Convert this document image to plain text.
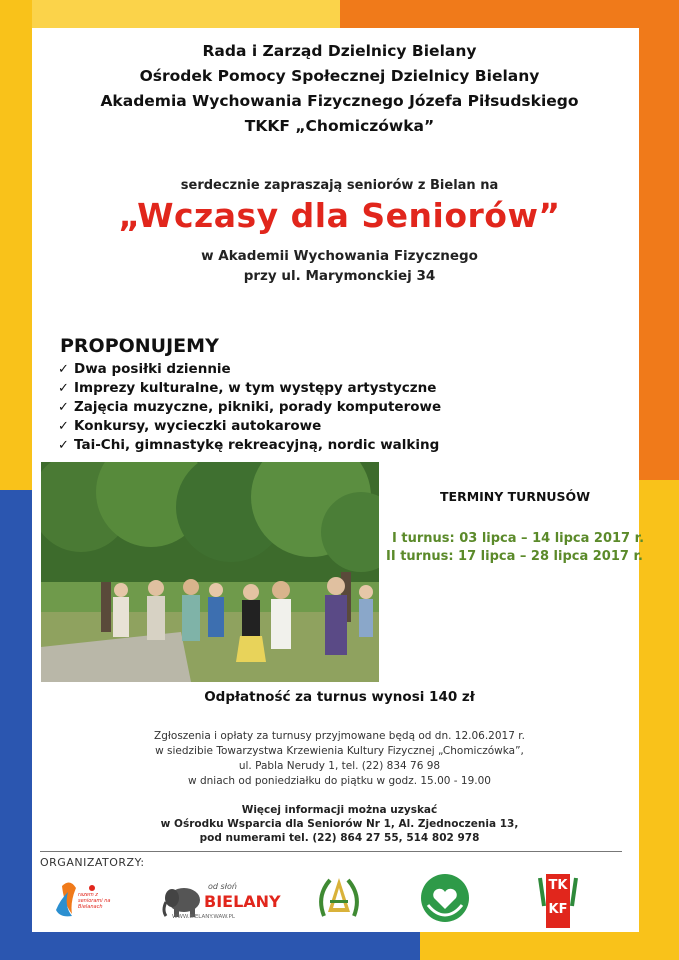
Rada i Zarząd Dzielnicy Bielany
Ośrodek Pomocy Społecznej Dzielnicy Bielany
Akademia Wychowania Fizycznego Józefa Piłsudskiego
TKKF „Chomiczówka”
serdecznie zapraszają seniorów z Bielan na
„Wczasy dla Seniorów”
w Akademii Wychowania Fizycznego
przy ul. Marymonckiej 34
PROPONUJEMY
✓ Dwa posiłki dziennie
✓ Imprezy kulturalne, w tym występy artystyczne
✓ Zajęcia muzyczne, pikniki, porady komputerowe
✓ Konkursy, wycieczki autokarowe
✓ Tai-Chi, gimnastykę rekreacyjną, nordic walking
TERMINY TURNUSÓW
I turnus: 03 lipca – 14 lipca 2017 r.
II turnus: 17 lipca – 28 lipca 2017 r.
Odpłatność za turnus wynosi 140 zł
Zgłoszenia i opłaty za turnusy przyjmowane będą od dn. 12.06.2017 r.
w siedzibie Towarzystwa Krzewienia Kultury Fizycznej „Chomiczówka”,
ul. Pabla Nerudy 1, tel. (22) 834 76 98
w dniach od poniedziałku do piątku w godz. 15.00 - 19.00
Więcej informacji można uzyskać
w Ośrodku Wsparcia dla Seniorów Nr 1, Al. Zjednoczenia 13,
pod numerami tel. (22) 864 27 55, 514 802 978
ORGANIZATORZY:
razem z seniorami na Bielanach
od słoń
BIELANY
WWW.BIELANY.WAW.PL
TK
KF
